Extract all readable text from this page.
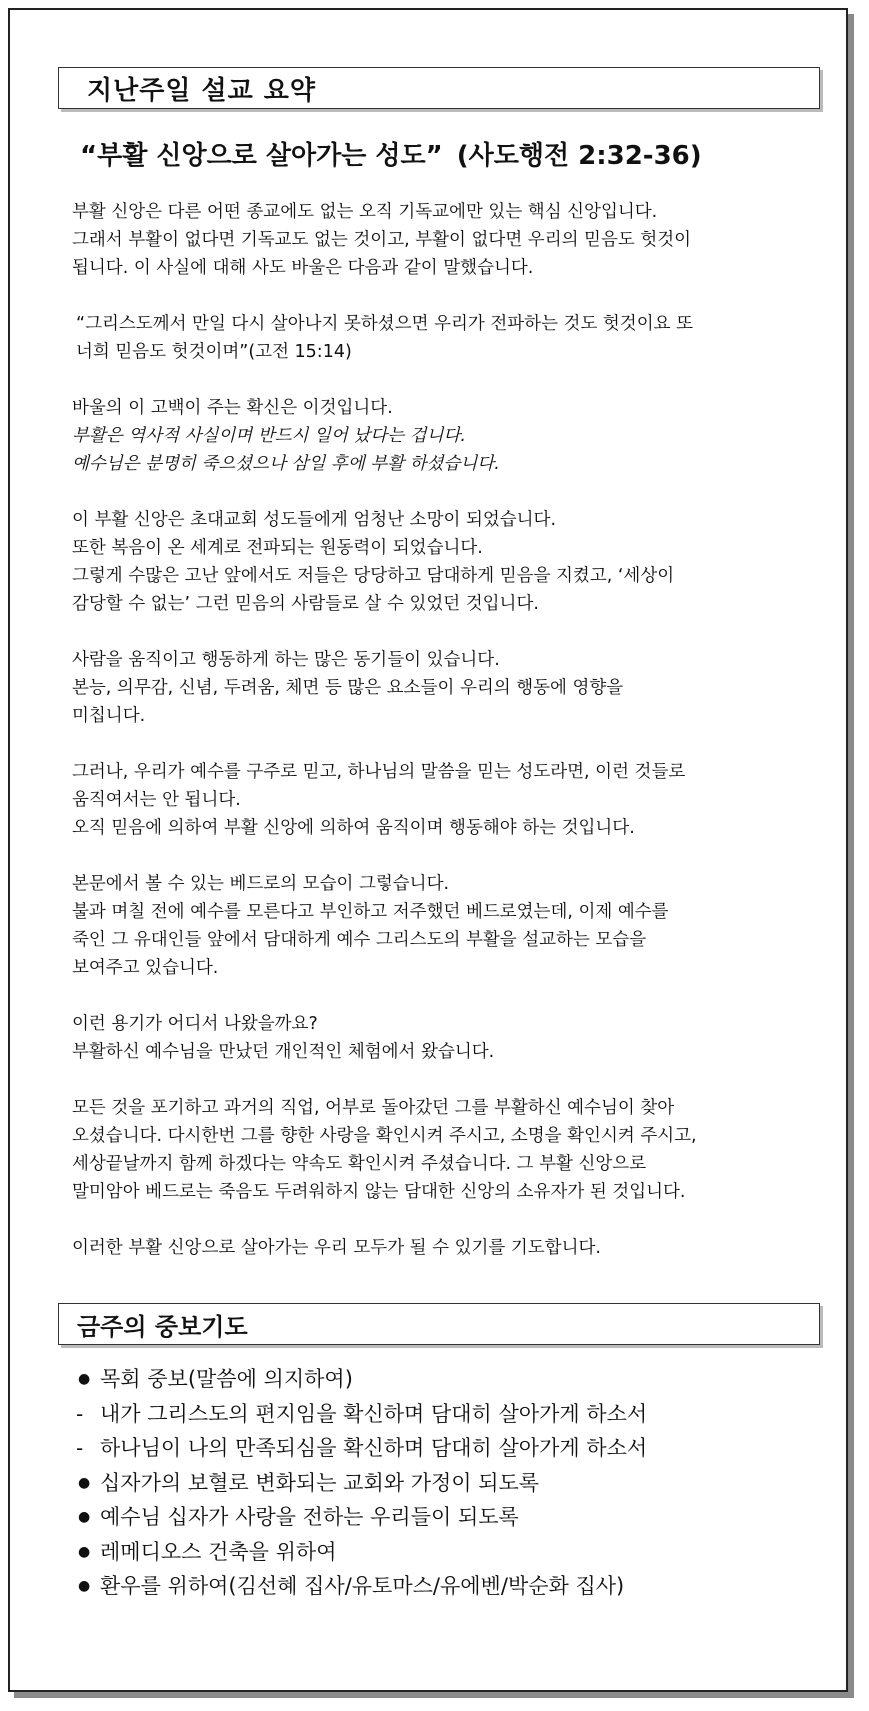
지난주일 설교 요약
“부활 신앙으로 살아가는 성도” (사도행전 2:32-36)

부활 신앙은 다른 어떤 종교에도 없는 오직 기독교에만 있는 핵심 신앙입니다.
그래서 부활이 없다면 기독교도 없는 것이고, 부활이 없다면 우리의 믿음도 헛것이
됩니다. 이 사실에 대해 사도 바울은 다음과 같이 말했습니다.

“그리스도께서 만일 다시 살아나지 못하셨으면 우리가 전파하는 것도 헛것이요 또
너희 믿음도 헛것이며”(고전 15:14)

바울의 이 고백이 주는 확신은 이것입니다.
부활은 역사적 사실이며 반드시 일어 났다는 겁니다.
예수님은 분명히 죽으셨으나 삼일 후에 부활 하셨습니다.

이 부활 신앙은 초대교회 성도들에게 엄청난 소망이 되었습니다.
또한 복음이 온 세계로 전파되는 원동력이 되었습니다.
그렇게 수많은 고난 앞에서도 저들은 당당하고 담대하게 믿음을 지켰고, ‘세상이
감당할 수 없는’ 그런 믿음의 사람들로 살 수 있었던 것입니다.

사람을 움직이고 행동하게 하는 많은 동기들이 있습니다.
본능, 의무감, 신념, 두려움, 체면 등 많은 요소들이 우리의 행동에 영향을
미칩니다.

그러나, 우리가 예수를 구주로 믿고, 하나님의 말씀을 믿는 성도라면, 이런 것들로
움직여서는 안 됩니다.
오직 믿음에 의하여 부활 신앙에 의하여 움직이며 행동해야 하는 것입니다.

본문에서 볼 수 있는 베드로의 모습이 그렇습니다.
불과 며칠 전에 예수를 모른다고 부인하고 저주했던 베드로였는데, 이제 예수를
죽인 그 유대인들 앞에서 담대하게 예수 그리스도의 부활을 설교하는 모습을
보여주고 있습니다.

이런 용기가 어디서 나왔을까요?
부활하신 예수님을 만났던 개인적인 체험에서 왔습니다.

모든 것을 포기하고 과거의 직업, 어부로 돌아갔던 그를 부활하신 예수님이 찾아
오셨습니다. 다시한번 그를 향한 사랑을 확인시켜 주시고, 소명을 확인시켜 주시고,
세상끝날까지 함께 하겠다는 약속도 확인시켜 주셨습니다. 그 부활 신앙으로
말미암아 베드로는 죽음도 두려워하지 않는 담대한 신앙의 소유자가 된 것입니다.

이러한 부활 신앙으로 살아가는 우리 모두가 될 수 있기를 기도합니다.

금주의 중보기도
● 목회 중보(말씀에 의지하여)
- 내가 그리스도의 편지임을 확신하며 담대히 살아가게 하소서
- 하나님이 나의 만족되심을 확신하며 담대히 살아가게 하소서
● 십자가의 보혈로 변화되는 교회와 가정이 되도록
● 예수님 십자가 사랑을 전하는 우리들이 되도록
● 레메디오스 건축을 위하여
● 환우를 위하여(김선혜 집사/유토마스/유에벤/박순화 집사)
